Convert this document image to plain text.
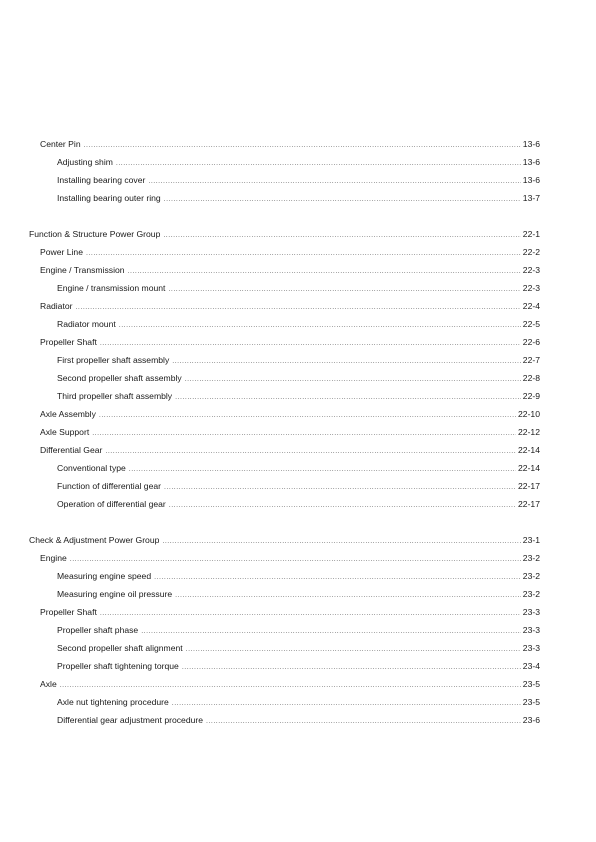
Center Pin .....	13-6
Adjusting shim .....	13-6
Installing bearing cover .....	13-6
Installing bearing outer ring .....	13-7
Function & Structure Power Group .....	22-1
Power Line .....	22-2
Engine / Transmission .....	22-3
Engine / transmission mount .....	22-3
Radiator .....	22-4
Radiator mount .....	22-5
Propeller Shaft .....	22-6
First propeller shaft assembly .....	22-7
Second propeller shaft assembly .....	22-8
Third propeller shaft assembly .....	22-9
Axle Assembly .....	22-10
Axle Support .....	22-12
Differential Gear .....	22-14
Conventional type .....	22-14
Function of differential gear .....	22-17
Operation of differential gear .....	22-17
Check & Adjustment Power Group .....	23-1
Engine .....	23-2
Measuring engine speed .....	23-2
Measuring engine oil pressure .....	23-2
Propeller Shaft .....	23-3
Propeller shaft phase .....	23-3
Second propeller shaft alignment .....	23-3
Propeller shaft tightening torque .....	23-4
Axle .....	23-5
Axle nut tightening procedure .....	23-5
Differential gear adjustment procedure .....	23-6
